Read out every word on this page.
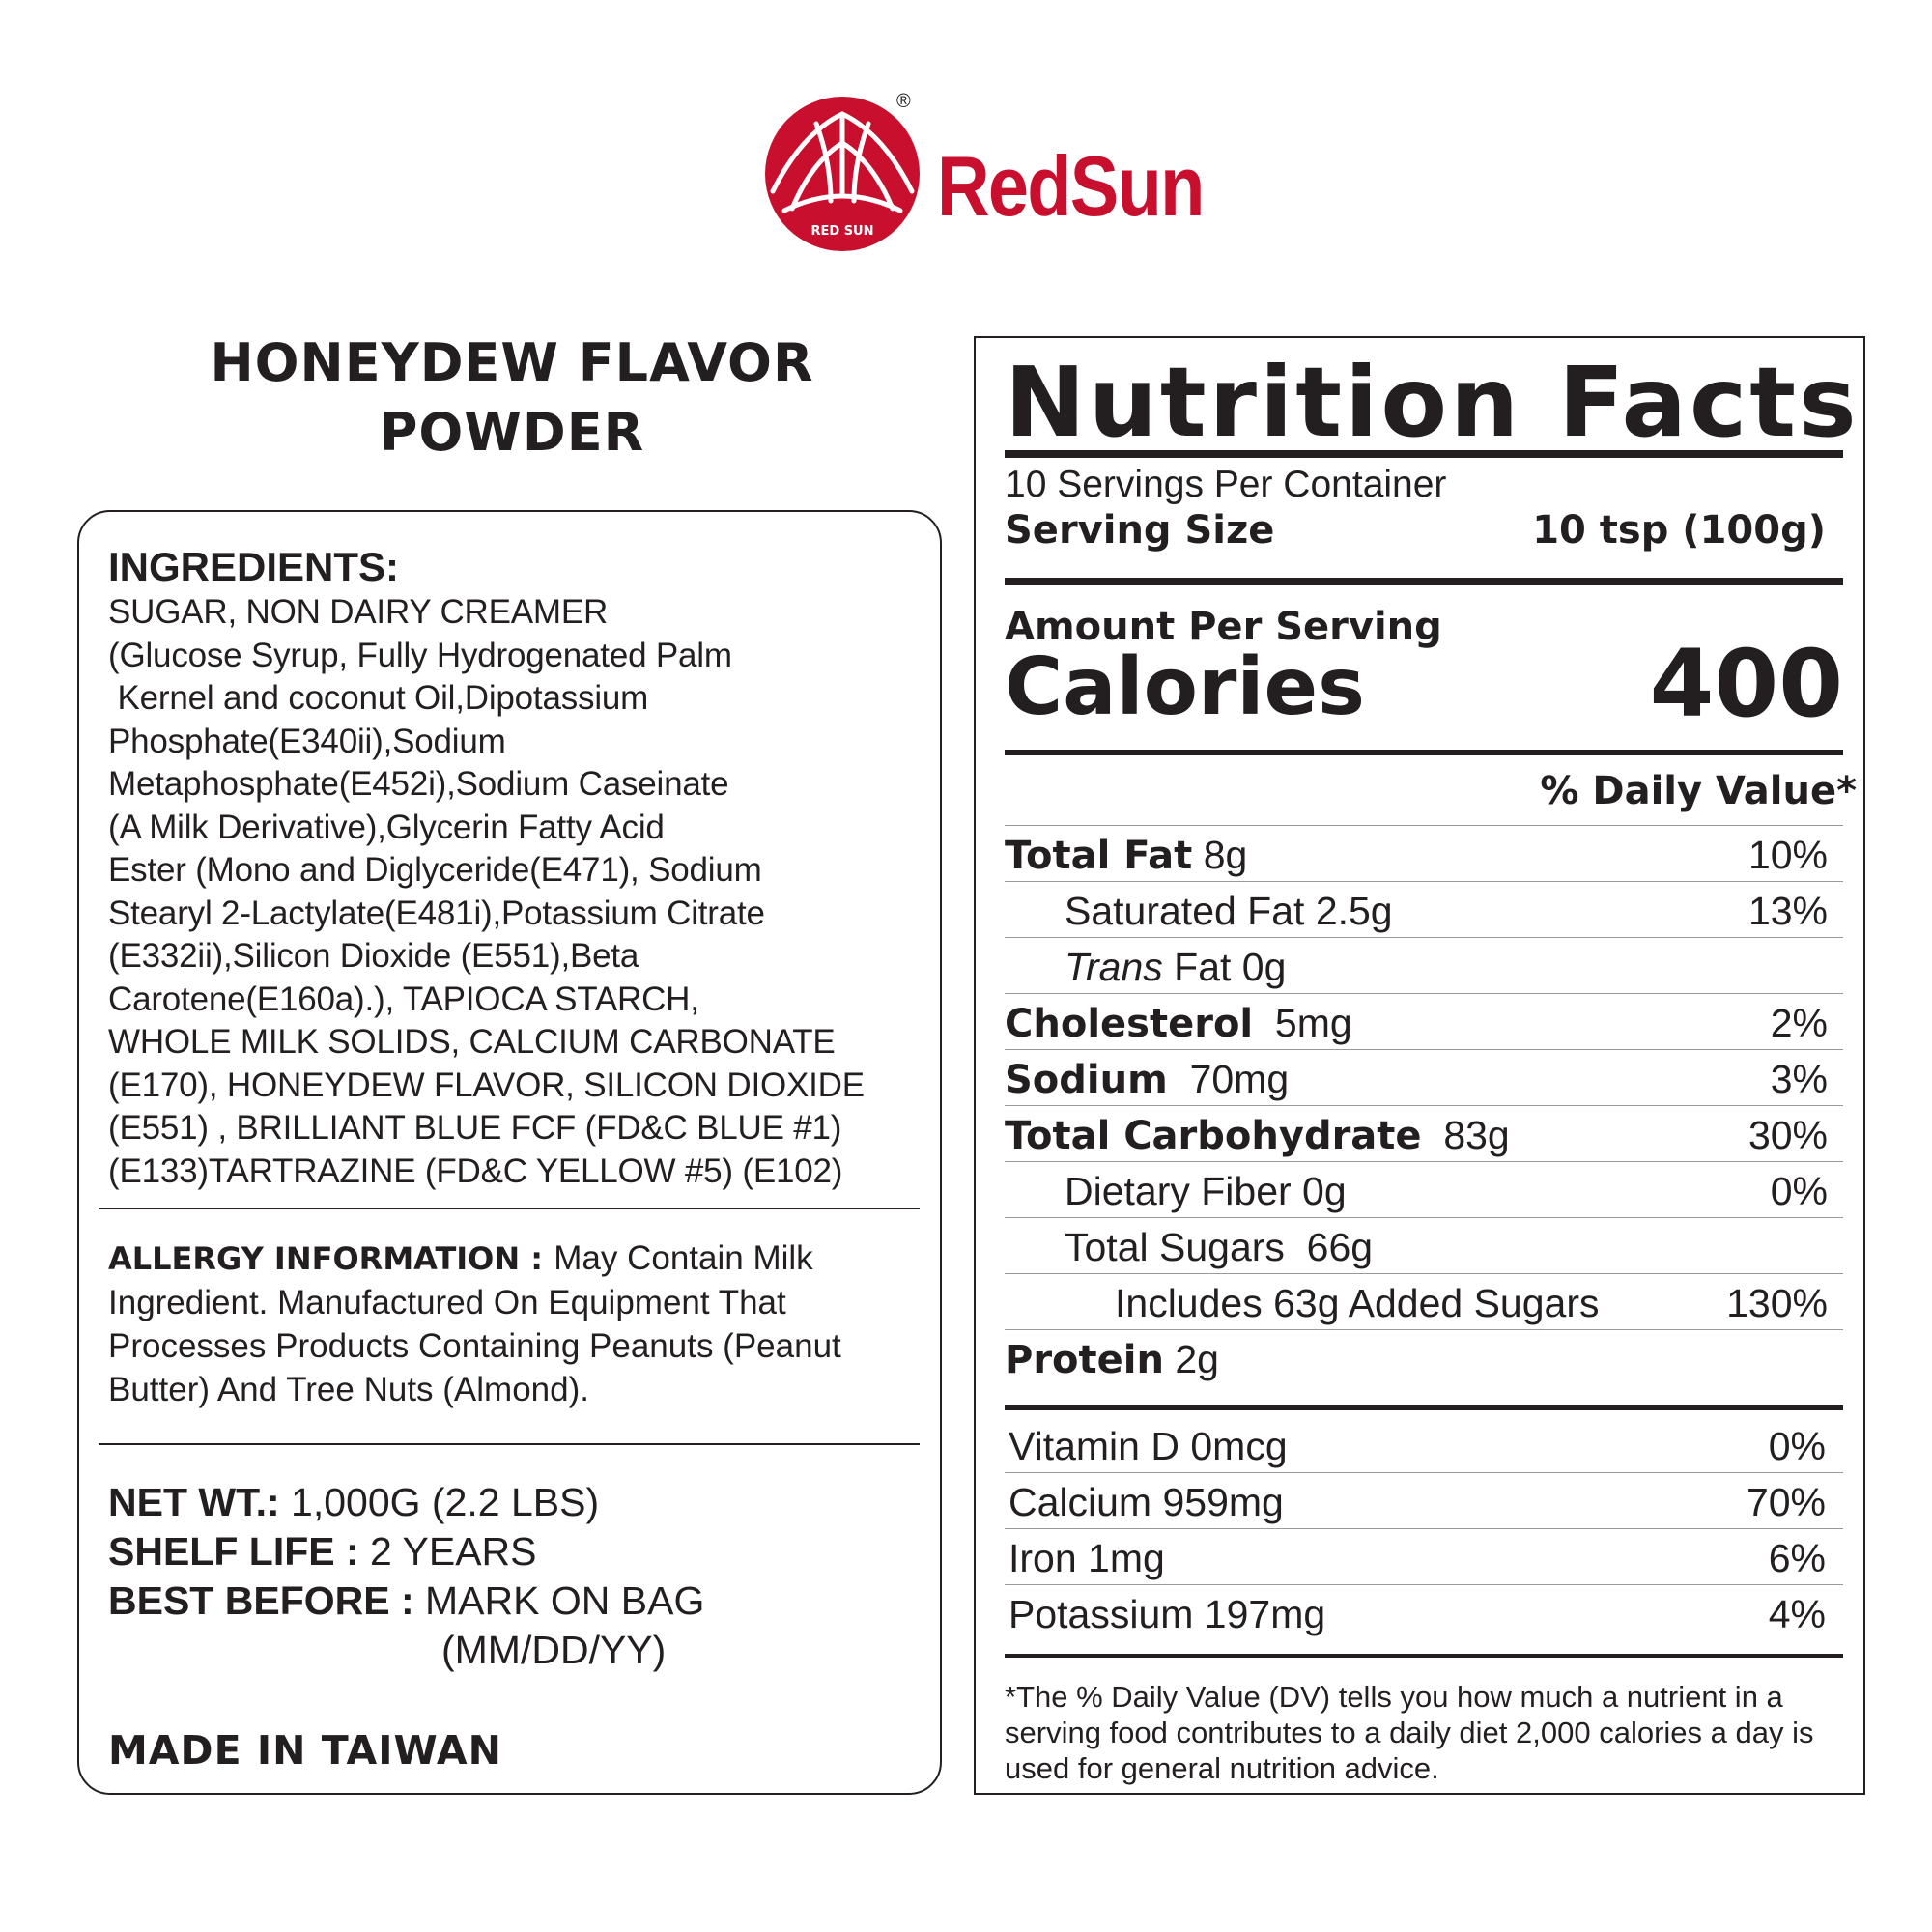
RED SUN
®
RedSun
HONEYDEW FLAVOR
POWDER
INGREDIENTS:
SUGAR, NON DAIRY CREAMER
(Glucose Syrup, Fully Hydrogenated Palm
Kernel and coconut Oil,Dipotassium
Phosphate(E340ii),Sodium
Metaphosphate(E452i),Sodium Caseinate
(A Milk Derivative),Glycerin Fatty Acid
Ester (Mono and Diglyceride(E471), Sodium
Stearyl 2-Lactylate(E481i),Potassium Citrate
(E332ii),Silicon Dioxide (E551),Beta
Carotene(E160a).), TAPIOCA STARCH,
WHOLE MILK SOLIDS, CALCIUM CARBONATE
(E170), HONEYDEW FLAVOR, SILICON DIOXIDE
(E551) , BRILLIANT BLUE FCF (FD&C BLUE #1)
(E133)TARTRAZINE (FD&C YELLOW #5) (E102)
ALLERGY INFORMATION : May Contain Milk Ingredient. Manufactured On Equipment That Processes Products Containing Peanuts (Peanut Butter) And Tree Nuts (Almond).
NET WT.: 1,000G (2.2 LBS)
SHELF LIFE : 2 YEARS
BEST BEFORE : MARK ON BAG
(MM/DD/YY)
MADE IN TAIWAN
Nutrition Facts
10 Servings Per Container
Serving Size	10 tsp (100g)
Amount Per Serving
Calories	400
% Daily Value*
Total Fat 8g	10%
Saturated Fat 2.5g	13%
Trans Fat 0g
Cholesterol  5mg	2%
Sodium  70mg	3%
Total Carbohydrate  83g	30%
Dietary Fiber 0g	0%
Total Sugars  66g
Includes 63g Added Sugars	130%
Protein 2g
Vitamin D 0mcg	0%
Calcium 959mg	70%
Iron 1mg	6%
Potassium 197mg	4%
*The % Daily Value (DV) tells you how much a nutrient in a serving food contributes to a daily diet 2,000 calories a day is used for general nutrition advice.
